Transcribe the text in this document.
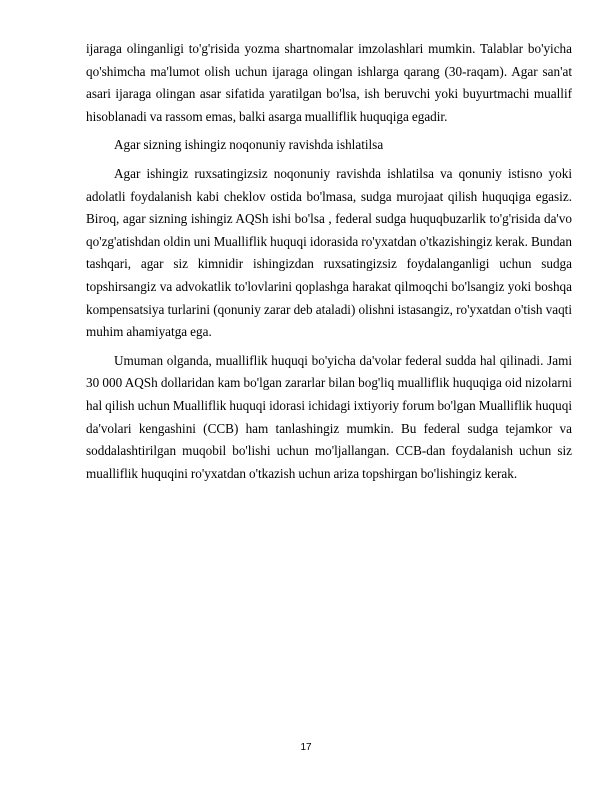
ijaraga olinganligi to'g'risida yozma shartnomalar imzolashlari mumkin. Talablar bo'yicha qo'shimcha ma'lumot olish uchun ijaraga olingan ishlarga qarang (30-raqam). Agar san'at asari ijaraga olingan asar sifatida yaratilgan bo'lsa, ish beruvchi yoki buyurtmachi muallif hisoblanadi va rassom emas, balki asarga mualliflik huquqiga egadir.

Agar sizning ishingiz noqonuniy ravishda ishlatilsa

Agar ishingiz ruxsatingizsiz noqonuniy ravishda ishlatilsa va qonuniy istisno yoki adolatli foydalanish kabi cheklov ostida bo'lmasa, sudga murojaat qilish huquqiga egasiz. Biroq, agar sizning ishingiz AQSh ishi bo'lsa , federal sudga huquqbuzarlik to'g'risida da'vo qo'zg'atishdan oldin uni Mualliflik huquqi idorasida ro'yxatdan o'tkazishingiz kerak. Bundan tashqari, agar siz kimnidir ishingizdan ruxsatingizsiz foydalanganligi uchun sudga topshirsangiz va advokatlik to'lovlarini qoplashga harakat qilmoqchi bo'lsangiz yoki boshqa kompensatsiya turlarini (qonuniy zarar deb ataladi) olishni istasangiz, ro'yxatdan o'tish vaqti muhim ahamiyatga ega.

Umuman olganda, mualliflik huquqi bo'yicha da'volar federal sudda hal qilinadi. Jami 30 000 AQSh dollaridan kam bo'lgan zararlar bilan bog'liq mualliflik huquqiga oid nizolarni hal qilish uchun Mualliflik huquqi idorasi ichidagi ixtiyoriy forum bo'lgan Mualliflik huquqi da'volari kengashini (CCB) ham tanlashingiz mumkin. Bu federal sudga tejamkor va soddalashtirilgan muqobil bo'lishi uchun mo'ljallangan. CCB-dan foydalanish uchun siz mualliflik huquqini ro'yxatdan o'tkazish uchun ariza topshirgan bo'lishingiz kerak.

17
